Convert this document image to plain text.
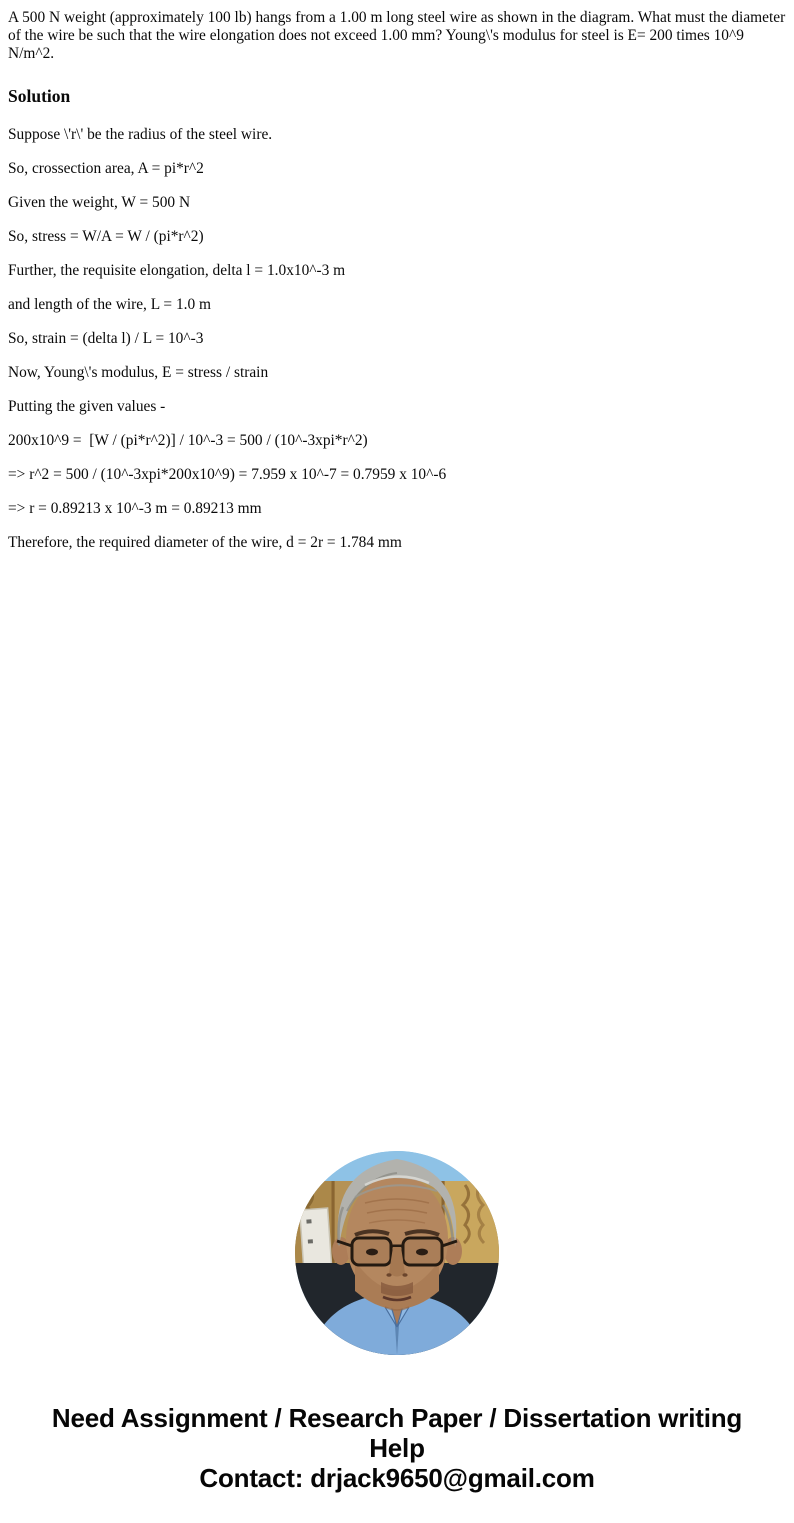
A 500 N weight (approximately 100 lb) hangs from a 1.00 m long steel wire as shown in the diagram. What must the diameter of the wire be such that the wire elongation does not exceed 1.00 mm? Young\'s modulus for steel is E= 200 times 10^9 N/m^2.

Solution

Suppose \'r\' be the radius of the steel wire.

So, crossection area, A = pi*r^2

Given the weight, W = 500 N

So, stress = W/A = W / (pi*r^2)

Further, the requisite elongation, delta l = 1.0x10^-3 m

and length of the wire, L = 1.0 m

So, strain = (delta l) / L = 10^-3

Now, Young\'s modulus, E = stress / strain

Putting the given values -

200x10^9 =  [W / (pi*r^2)] / 10^-3 = 500 / (10^-3xpi*r^2)

=> r^2 = 500 / (10^-3xpi*200x10^9) = 7.959 x 10^-7 = 0.7959 x 10^-6

=> r = 0.89213 x 10^-3 m = 0.89213 mm

Therefore, the required diameter of the wire, d = 2r = 1.784 mm

Need Assignment / Research Paper / Dissertation writing Help
Contact: drjack9650@gmail.com
